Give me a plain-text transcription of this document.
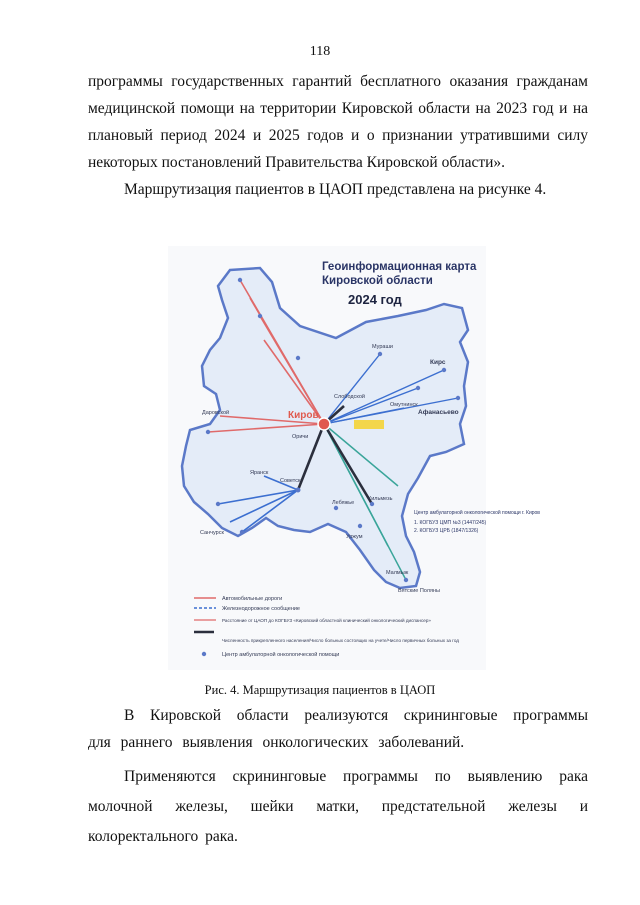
118

программы государственных гарантий бесплатного оказания гражданам медицинской помощи на территории Кировской области на 2023 год и на плановый период 2024 и 2025 годов и о признании утратившими силу некоторых постановлений Правительства Кировской области».

Маршрутизация пациентов в ЦАОП представлена на рисунке 4.

Геоинформационная карта
Кировской области
2024 год
Киров
Кирс
Афанасьево
Мураши
Омутнинск
Слободской
Оричи
Даровской
Советск
Яранск
Санчурск
Лебяжье
Уржум
Кильмезь
Малмыж
Вятские Поляны
Центр амбулаторной онкологической помощи г. Киров
1. КОГБУЗ ЦМП №3 (1447/245)
2. КОГБУЗ ЦРБ (1847/1326)
Автомобильные дороги
Железнодорожное сообщение
Расстояние от ЦАОП до КОГБУЗ «Кировский областной клинический онкологический диспансер»
Численность прикрепленного населения/Число больных состоящих на учете/Число первичных больных за год
Центр амбулаторной онкологической помощи
Рис. 4. Маршрутизация пациентов в ЦАОП

В Кировской области реализуются скрининговые программы для раннего выявления онкологических заболеваний.

Применяются скрининговые программы по выявлению рака молочной железы, шейки матки, предстательной железы и колоректального рака.
